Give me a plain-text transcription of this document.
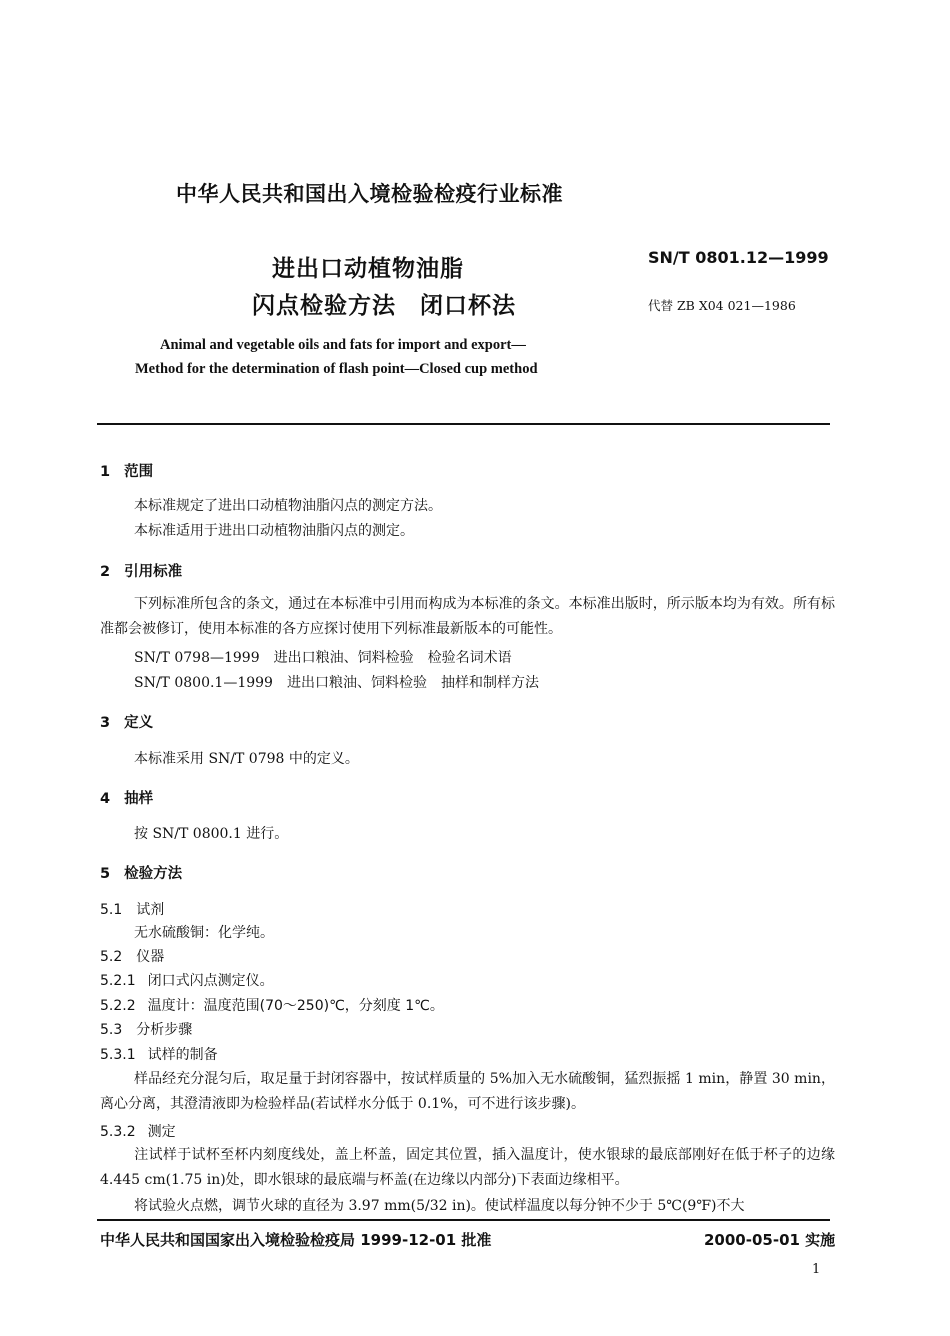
中华人民共和国出入境检验检疫行业标准
进出口动植物油脂
闪点检验方法　闭口杯法
SN/T 0801.12—1999
代替 ZB X04 021—1986
Animal and vegetable oils and fats for import and export—
Method for the determination of flash point—Closed cup method
1 范围
本标准规定了进出口动植物油脂闪点的测定方法。
本标准适用于进出口动植物油脂闪点的测定。
2 引用标准
下列标准所包含的条文，通过在本标准中引用而构成为本标准的条文。本标准出版时，所示版本均为有效。所有标准都会被修订，使用本标准的各方应探讨使用下列标准最新版本的可能性。
SN/T 0798—1999　进出口粮油、饲料检验　检验名词术语
SN/T 0800.1—1999　进出口粮油、饲料检验　抽样和制样方法
3 定义
本标准采用 SN/T 0798 中的定义。
4 抽样
按 SN/T 0800.1 进行。
5 检验方法
5.1 试剂
无水硫酸铜：化学纯。
5.2 仪器
5.2.1 闭口式闪点测定仪。
5.2.2 温度计：温度范围(70～250)℃，分刻度 1℃。
5.3 分析步骤
5.3.1 试样的制备
样品经充分混匀后，取足量于封闭容器中，按试样质量的 5%加入无水硫酸铜，猛烈振摇 1 min，静置 30 min，离心分离，其澄清液即为检验样品(若试样水分低于 0.1%，可不进行该步骤)。
5.3.2 测定
注试样于试杯至杯内刻度线处，盖上杯盖，固定其位置，插入温度计，使水银球的最底部刚好在低于杯子的边缘 4.445 cm(1.75 in)处，即水银球的最底端与杯盖(在边缘以内部分)下表面边缘相平。
将试验火点燃，调节火球的直径为 3.97 mm(5/32 in)。使试样温度以每分钟不少于 5℃(9℉)不大
中华人民共和国国家出入境检验检疫局 1999-12-01 批准	2000-05-01 实施
1
